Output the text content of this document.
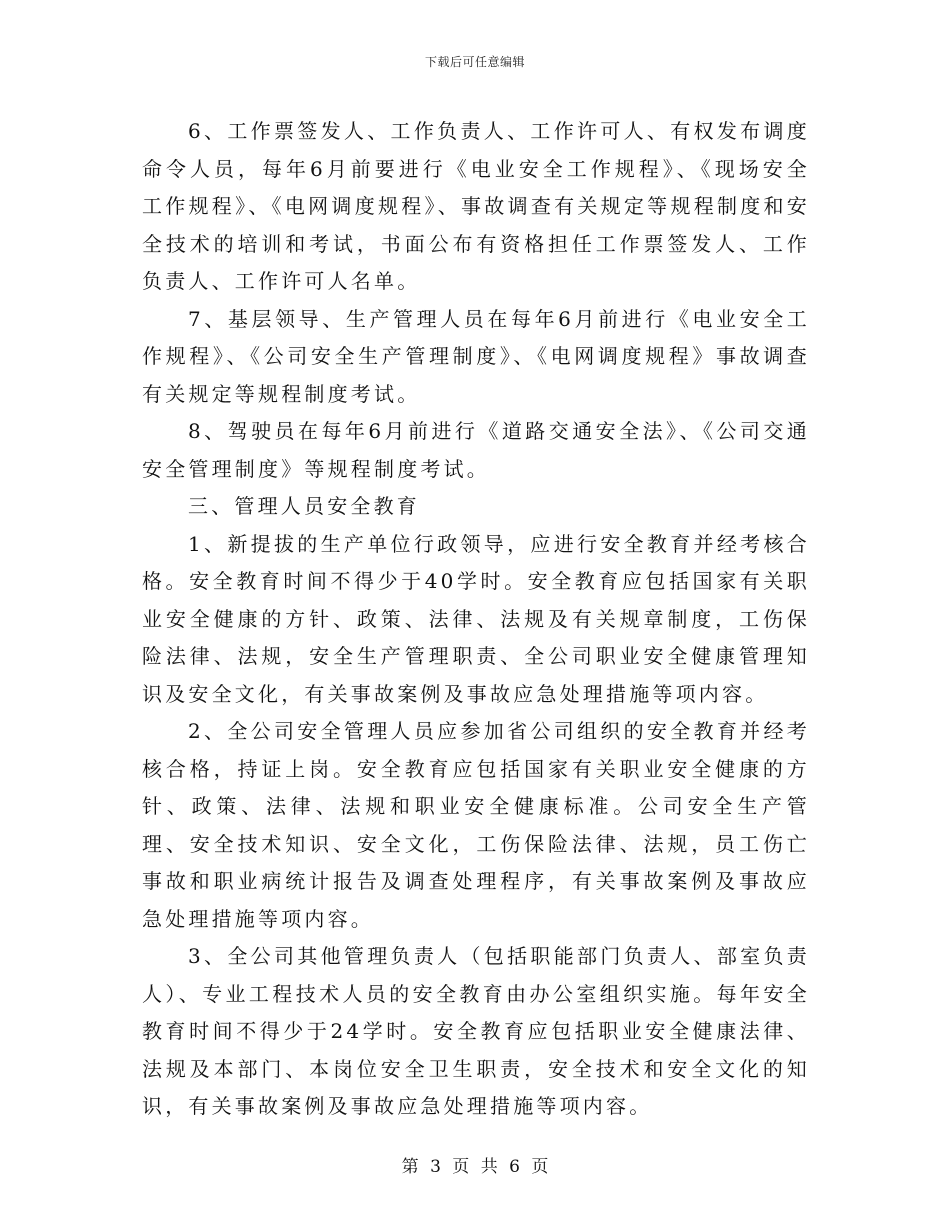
下载后可任意编辑

6、工作票签发人、工作负责人、工作许可人、有权发布调度命令人员，每年6月前要进行《电业安全工作规程》、《现场安全工作规程》、《电网调度规程》、事故调查有关规定等规程制度和安全技术的培训和考试，书面公布有资格担任工作票签发人、工作负责人、工作许可人名单。

7、基层领导、生产管理人员在每年6月前进行《电业安全工作规程》、《公司安全生产管理制度》、《电网调度规程》事故调查有关规定等规程制度考试。

8、驾驶员在每年6月前进行《道路交通安全法》、《公司交通安全管理制度》等规程制度考试。

三、管理人员安全教育

1、新提拔的生产单位行政领导，应进行安全教育并经考核合格。安全教育时间不得少于40学时。安全教育应包括国家有关职业安全健康的方针、政策、法律、法规及有关规章制度，工伤保险法律、法规，安全生产管理职责、全公司职业安全健康管理知识及安全文化，有关事故案例及事故应急处理措施等项内容。

2、全公司安全管理人员应参加省公司组织的安全教育并经考核合格，持证上岗。安全教育应包括国家有关职业安全健康的方针、政策、法律、法规和职业安全健康标准。公司安全生产管理、安全技术知识、安全文化，工伤保险法律、法规，员工伤亡事故和职业病统计报告及调查处理程序，有关事故案例及事故应急处理措施等项内容。

3、全公司其他管理负责人（包括职能部门负责人、部室负责人）、专业工程技术人员的安全教育由办公室组织实施。每年安全教育时间不得少于24学时。安全教育应包括职业安全健康法律、法规及本部门、本岗位安全卫生职责，安全技术和安全文化的知识，有关事故案例及事故应急处理措施等项内容。

第 3 页 共 6 页
